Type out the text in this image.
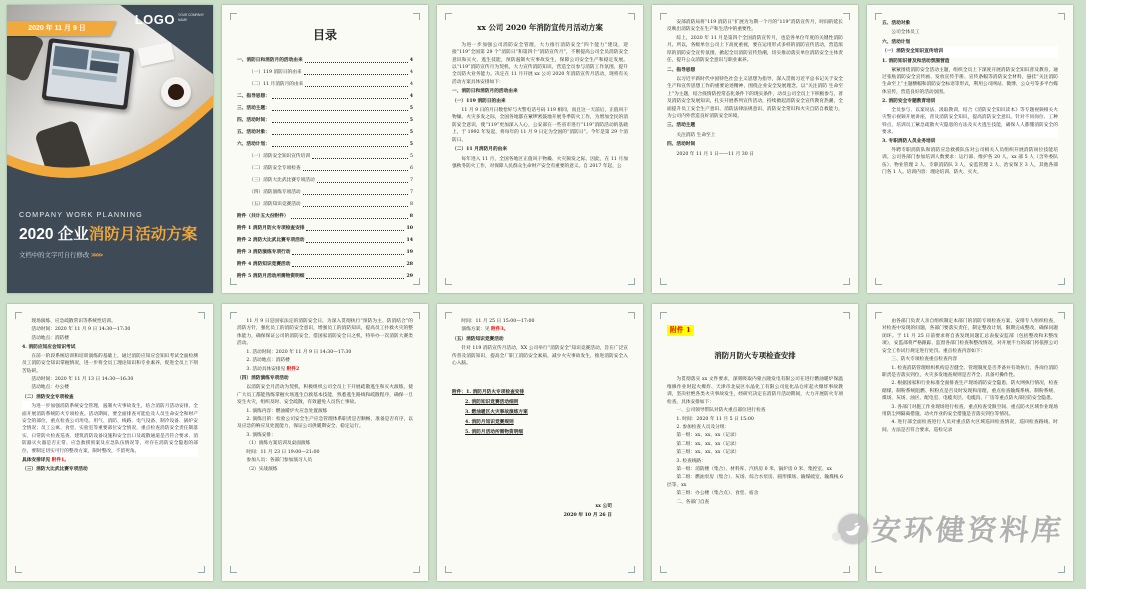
2020 年 11 月 9 日
LOGO YOUR COMPANY NAME
COMPANY WORK PLANNING
2020 企业消防月活动方案
文档中的文字可自行修改 >>>>
目录
一、消防日和消防月的活动由来	4
（一）119 消防日的由来	4
（二）11 月消防月的由来	4
二、指导思想：	4
三、活动主题：	5
四、活动时间：	5
五、活动对象：	5
六、活动计划：	5
（一）消防安全知识宣传培训	5
（二）消防安全专项检查	6
（三）消防大比武比赛专项活动	7
（四）消防演练专项活动	7
（五）消防知识竞赛活动	8
附件（共计五大份附件）	8
附件 1 消防月防火专项检查安排	10
附件 2 消防大比武比赛专项活动	14
附件 3 消防演练专项行动	19
附件 4 消防知识竞赛活动	28
附件 5 消防月活动所需物资明细	29
xx 公司 2020 年消防宣传月活动方案
为进一步加强公司消防安全管理，大力推行消防安全“四个能力”建设，迎接“119”全国第 29 个“消防日”和第四个“消防宣传月”，不断提高公司全员消防安全意识和灭火、逃生技能，预防遏制火灾事故发生，保障公司安全生产和稳定发展。以“119”消防宣传月为契机，大力宣传消防知识，营造全员参与消防工作氛围，提升全员防火业务能力。决定在 11 月开展 xx 公司 2020 年消防宣传月活动，现将有关活动方案具体安排如下：
一、消防日和消防月的活动由来
（一）119 消防日的由来
11 月 9 日的月日数恰好与火警电话号码 119 相同，而且这一天前后，正值风干物燥、火灾多发之际，全国各地都在紧锣密鼓地开展冬季防火工作，为增加全民的消防安全意识，使“119”更加深入人心，公安部在一些省市进行“119”消防活动的基础上，于 1992 年发起，将每年的 11 月 9 日定为全国的“消防日”。今年是第 29 个消防日。
（二）11 月消防月的由来
每年进入 11 月，全国各地区正值风干物燥、火灾频发之际。因此，在 11 月加强秋冬防火工作，对保障人民群众生命财产安全有重要的意义。自 2017 年起，公
安部消防局将“119 消防日”扩展为为期一个月的“119”消防宣传月，时间的延长反映出消防安全在生产和生活中的重要性。
综上，2020 年 11 月是第四个全国消防宣传月，也是各单位年度的关键性消防月。所以，各级单位公司上下高度重视，要在运用形式多样的消防宣传活动，营造浓厚的消防安全宣传氛围，掀起全员消防宣传热潮，切实推动落实单位消防安全主体责任，提升公众消防安全意识与职业素养。
二、指导思想
以习近平新时代中国特色社会主义思想为指导，深入贯彻习近平总书记关于安全生产和宣传思想工作的重要论述精神，围绕企业安全发展理念，以“关注消防 生命至上”为主题，结合疫情防控常态化条件下的现实条件，动员公司全员上下积极参与，普及消防安全发展知识，扎实开展系列宣传活动，持续掀起消防安全宣传教育热潮，全面提升员工安全生产意识、消防法律法规意识、消防安全常识和火灾自防自救能力，为公司内外营造良好消防安全环境。
三、活动主题
关注消防 生命至上
四、活动时间
2020 年 11 月 1 日——11 月 30 日
五、活动对象
公司全体员工
六、活动计划
（一）消防安全知识宣传培训
1. 消防知识普及和活动氛围营造
紧紧围绕消防安全活动主题，组织全员上下深度开展消防安全知识普及教育，通过张贴消防安全宣传画、发放宣传手册、宣传条幅等消防安全材料，悬挂“关注消防 生命至上”主题横幅和消防安全标语等形式，利用公司网站、微博、公众号等多平台媒体宣传，营造良好的活动氛围。
2. 消防安全专题教育培训
全员参与、以案说法、汲取教训，结合《消防安全知识读本》等专题视频相关火灾警示视频开展讲座，普及消防安全知识，提高消防安全意识。针对不同岗位、工种特点，培训员工紧急疏散火灾隐患的方法及灭火逃生技能，确保人人都懂消防安全的要求。
3. 专职消防人员业务培训
外聘专职消防队和消防应急救援队伍对公司相关人员组织开展消防岗位技能培训。公司各部门参加培训人数要求：运行部、维护各 20 人，xx 部 5 人（含外委队伍）、物业管理 2 人、专职消防队 3 人，安监管理 2 人、治安保卫 3 人，其他各部门各 1 人。培训内容：理论培训、防火、灭火、
现场演练、应急疏散常识等系统性培训。
活动时间：2020 年 11 月 9 日 14:30—17:30
活动地点：消防楼
4. 消防应知应会知识考试
在前一阶段系统培训和培训演练的基础上，通过消防应知应会知识考试全面检测员工消防安全知识掌握情况，进一步将全员工理论知识和专业素养，促进全员上下刻苦钻研。
活动时间：2020 年 11 月 13 日 14:30—16:30
活动地点：办公楼
（二）消防安全专项检查
为进一步加强消防系统安全管理，遏制火灾事故发生，结合消防月活动安排，全面开展消防系统防火专项检查。活动期间，要全面排查可能危及人员生命安全和财产安全的部位，重点检查公司用电、用气、消防、线路、电气设备、制冷设备、锅炉安全情况；员工公寓、食堂、实验室等重要部位安全情况，重点检查消防安全责任制落实、日常防火检查巡查、建筑消防设备设施和安全出口及疏散通道是否符合要求、消防器灭火器是否正常、应急救援预案及应急队伍情况等，对存在消防安全隐患的部位，要制定切实可行的整改方案，限时整改，不留死角。
具体安排详见 附件1。
（三）消防大比武比赛专项活动
11 月 9 日是国家法定的消防安全日，为深入贯彻执行“预防为主、防消结合”的消防方针，强化员工的消防安全意识，增强员工的消防知识，提高员工扑救火灾的整体能力，确保保证公司的消防安全，借国家消防安全日之机，特举办一次消防大赛类活动。
1. 活动时间：2020 年 11 月 9 日 14:30—17:30
2. 活动地点：消防楼
3. 活动具体安排见 附件2
（四）消防演练专项活动
以消防安全月活动为契机，积极组织公司全员上下开展疏散逃生和灭火演练，使广大员工都能熟练掌握火场逃生自救基本技能，熟悉逃生路线和疏散程序，确保一旦发生火灾，组织及时、安全疏散，有效避免人员伤亡事故。
1. 演练内容：燃油暖炉火应急处置演练
2. 演练目的：检验公司安全生产应急管理体系职责是否顺畅，准备是否有序，以及应急的响应及处置能力，保证公司供暖期安全、稳定运行。
3. 演练安排：
（1）演练方案培训及桌面演练
时间：11 月 23 日 19:00—21:00
参加人员：各部门参加演习人员
（2）实战演练
时间：11 月 25 日 15:00—17:00
演练方案：见 附件3。
（五）消防知识竞赛活动
针对 119 消防宣传月活动，XX 公司举行“消防安全”知识竞赛活动，旨在广泛宣传普及消防知识，提高全厂职工消防安全素质，减少火灾事故发生，推进消防安全入心入脑。
附件：1. 消防月防火专项检查安排
2. 消防知识竞赛活动细则
3. 燃油暖区火灾事故演练方案
4. 消防月知识竞赛规则
5. 消防月活动所需物资明细
xx 公司
2020 年 10 月 26 日
附件 1
消防月防火专项检查安排
为贯彻落实 xx 文件要求，深刻吸取内蒙古隆发电有限公司在进行燃油暖炉保温维修作业时起火爆炸、天津市北辰区水晶化工有限公司危化品仓库起火爆炸事故教训，坚决杜绝各类火灾事故发生，经研究决定在消防月活动期间，大力开展防火专项检查，具体安排如下：
一、公司领导带队对防火重点部位进行检查
1. 时间：2020 年 11 月 5 日 15:00
2. 参加检查人员及分组：
第一组：xx、xx、xx（记录）
第二组：xx、xx、xx（记录）
第三组：xx、xx、xx（记录）
3. 检查线路：
第一组：消防楼（集合）、材料库、汽机房 0 米、锅炉房 0 米、集控室、xx
第二组：燃油泵房（集合）、灰场、综合水泵房、圆形煤场、输煤硫室、输煤栈 6 层等、xx
第三组：办公楼（集合点）、食堂、宿舍
二、各部门自查
由各部门负责人亲自组织制定本部门的消防专项检查方案，安排专人组织检查，对检查中发现的问题，各部门要落实责任，制定整改计划，限期完成整改，确保问题闭环。于 11 月 25 日前要求将自查发现问题汇总表报安监部（包括整改和未整改项），安监部将严格跟踪、监督各部门检查和整改情况，对开展不力的部门将依照公司安全工作试行规定进行处罚。重点检查内容如下：
三、防火专项检查重点检查内容
1. 检查消防管理组织机构是否健全、管理制度是否齐备并有效执行，各岗位消防职责是否落实到位，火灾多发地查规则是否齐全、具备可操作性。
2. 根据国家和行业标准全面排查生产现场消防安全隐患，防火网执行情况，检查储煤、制粉系统阻燃、积粉点是否及时发现和清理，重点检查输煤系统、制粉系统、煤场、灰场、油区、配电室、电缆夹层、电缆沟、厂房等重点防火部位防安全隐患。
3. 各部门对施工作业现场进行检查，重点检查受限空间、重点防火区域作业现场用防尘网隔离措施、动火作业的安全措施是否落实到位等情况。
4. 进行部全面检查进行人员对重点防火区域巡回检查情况，巡回检查路线、时间、方法是否符合要求，巡检记录
安环健资料库
